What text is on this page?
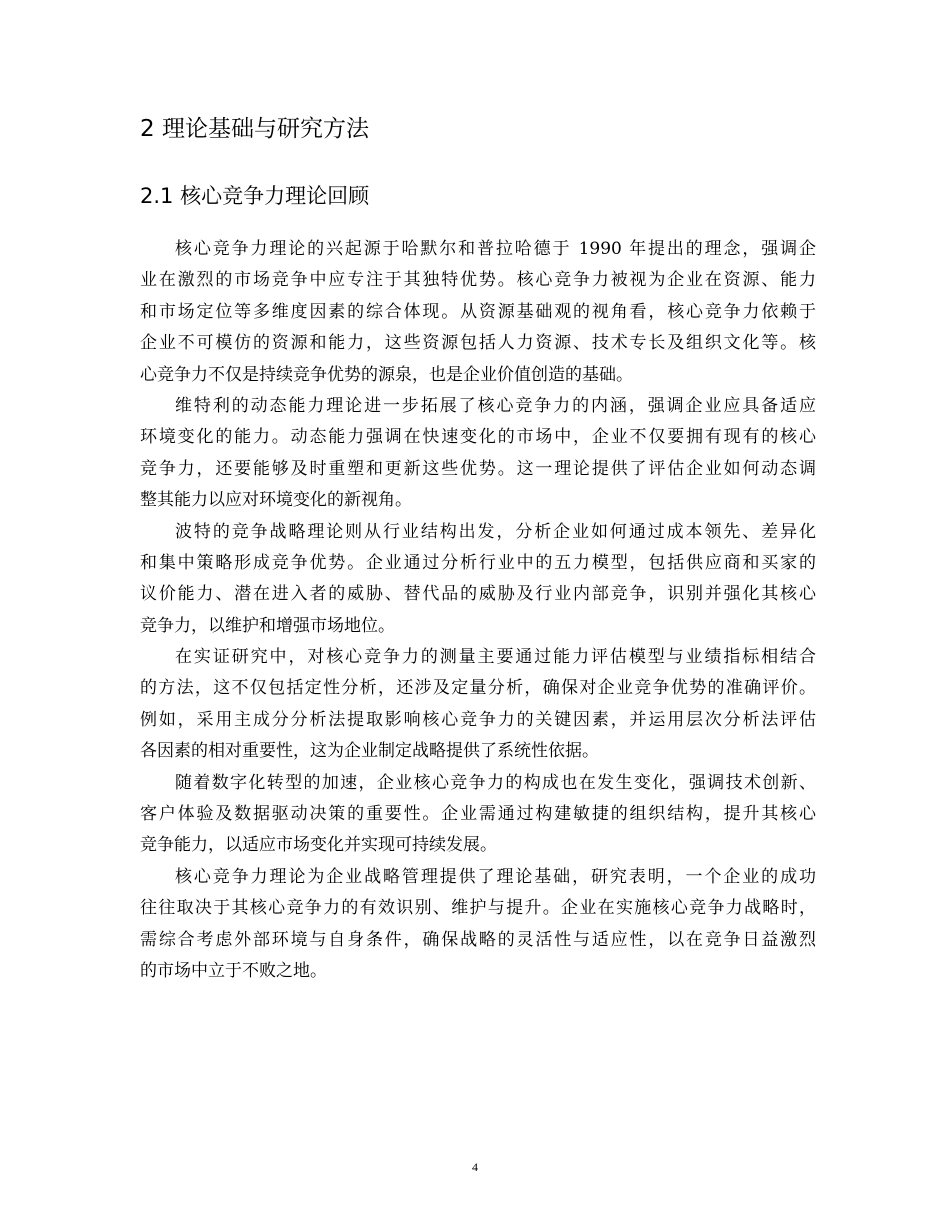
2 理论基础与研究方法
2.1 核心竞争力理论回顾
核心竞争力理论的兴起源于哈默尔和普拉哈德于 1990 年提出的理念，强调企
业在激烈的市场竞争中应专注于其独特优势。核心竞争力被视为企业在资源、能力
和市场定位等多维度因素的综合体现。从资源基础观的视角看，核心竞争力依赖于
企业不可模仿的资源和能力，这些资源包括人力资源、技术专长及组织文化等。核
心竞争力不仅是持续竞争优势的源泉，也是企业价值创造的基础。
维特利的动态能力理论进一步拓展了核心竞争力的内涵，强调企业应具备适应
环境变化的能力。动态能力强调在快速变化的市场中，企业不仅要拥有现有的核心
竞争力，还要能够及时重塑和更新这些优势。这一理论提供了评估企业如何动态调
整其能力以应对环境变化的新视角。
波特的竞争战略理论则从行业结构出发，分析企业如何通过成本领先、差异化
和集中策略形成竞争优势。企业通过分析行业中的五力模型，包括供应商和买家的
议价能力、潜在进入者的威胁、替代品的威胁及行业内部竞争，识别并强化其核心
竞争力，以维护和增强市场地位。
在实证研究中，对核心竞争力的测量主要通过能力评估模型与业绩指标相结合
的方法，这不仅包括定性分析，还涉及定量分析，确保对企业竞争优势的准确评价。
例如，采用主成分分析法提取影响核心竞争力的关键因素，并运用层次分析法评估
各因素的相对重要性，这为企业制定战略提供了系统性依据。
随着数字化转型的加速，企业核心竞争力的构成也在发生变化，强调技术创新、
客户体验及数据驱动决策的重要性。企业需通过构建敏捷的组织结构，提升其核心
竞争能力，以适应市场变化并实现可持续发展。
核心竞争力理论为企业战略管理提供了理论基础，研究表明，一个企业的成功
往往取决于其核心竞争力的有效识别、维护与提升。企业在实施核心竞争力战略时，
需综合考虑外部环境与自身条件，确保战略的灵活性与适应性，以在竞争日益激烈
的市场中立于不败之地。
4
